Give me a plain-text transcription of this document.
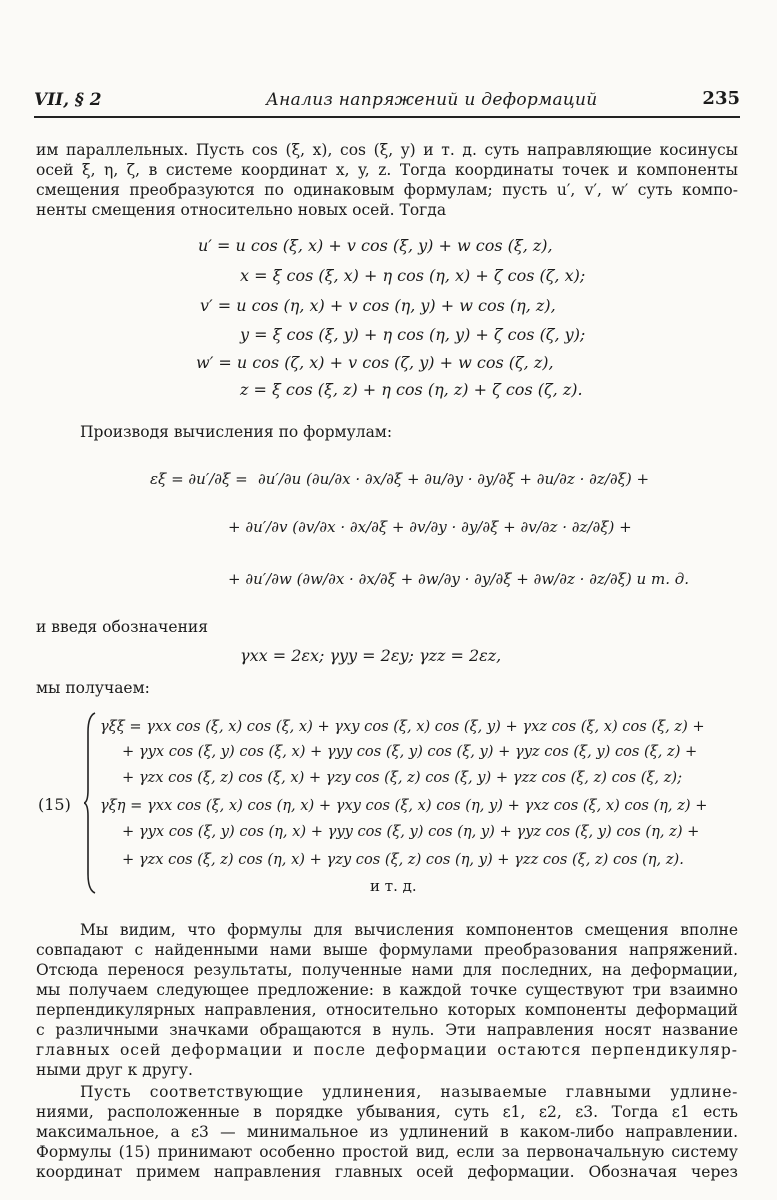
VII, § 2	Анализ напряжений и деформаций	235
им параллельных. Пусть cos (ξ, x), cos (ξ, y) и т. д. суть направляющие косинусы
осей ξ, η, ζ, в системе координат x, y, z. Тогда координаты точек и компоненты
смещения преобразуются по одинаковым формулам; пусть u′, v′, w′ суть компо-
ненты смещения относительно новых осей. Тогда
u′ = u cos (ξ, x) + v cos (ξ, y) + w cos (ξ, z),
x = ξ cos (ξ, x) + η cos (η, x) + ζ cos (ζ, x);
v′ = u cos (η, x) + v cos (η, y) + w cos (η, z),
y = ξ cos (ξ, y) + η cos (η, y) + ζ cos (ζ, y);
w′ = u cos (ζ, x) + v cos (ζ, y) + w cos (ζ, z),
z = ξ cos (ξ, z) + η cos (η, z) + ζ cos (ζ, z).
Производя вычисления по формулам:
εξ = ∂u′/∂ξ = ∂u′/∂u (∂u/∂x · ∂x/∂ξ + ∂u/∂y · ∂y/∂ξ + ∂u/∂z · ∂z/∂ξ) +
+ ∂u′/∂v (∂v/∂x · ∂x/∂ξ + ∂v/∂y · ∂y/∂ξ + ∂v/∂z · ∂z/∂ξ) +
+ ∂u′/∂w (∂w/∂x · ∂x/∂ξ + ∂w/∂y · ∂y/∂ξ + ∂w/∂z · ∂z/∂ξ) и т. д.
и введя обозначения
γxx = 2εx; γyy = 2εy; γzz = 2εz,
мы получаем:
(15)
γξξ = γxx cos (ξ, x) cos (ξ, x) + γxy cos (ξ, x) cos (ξ, y) + γxz cos (ξ, x) cos (ξ, z) +
+ γyx cos (ξ, y) cos (ξ, x) + γyy cos (ξ, y) cos (ξ, y) + γyz cos (ξ, y) cos (ξ, z) +
+ γzx cos (ξ, z) cos (ξ, x) + γzy cos (ξ, z) cos (ξ, y) + γzz cos (ξ, z) cos (ξ, z);
γξη = γxx cos (ξ, x) cos (η, x) + γxy cos (ξ, x) cos (η, y) + γxz cos (ξ, x) cos (η, z) +
+ γyx cos (ξ, y) cos (η, x) + γyy cos (ξ, y) cos (η, y) + γyz cos (ξ, y) cos (η, z) +
+ γzx cos (ξ, z) cos (η, x) + γzy cos (ξ, z) cos (η, y) + γzz cos (ξ, z) cos (η, z).
и т. д.
Мы видим, что формулы для вычисления компонентов смещения вполне
совпадают с найденными нами выше формулами преобразования напряжений.
Отсюда перенося результаты, полученные нами для последних, на деформации,
мы получаем следующее предложение: в каждой точке существуют три взаимно
перпендикулярных направления, относительно которых компоненты деформаций
с различными значками обращаются в нуль. Эти направления носят название
главных осей деформации и после деформации остаются перпендикуляр-
ными друг к другу.
Пусть соответствующие удлинения, называемые главными удлине-
ниями, расположенные в порядке убывания, суть ε1, ε2, ε3. Тогда ε1 есть
максимальное, а ε3 — минимальное из удлинений в каком-либо направлении.
Формулы (15) принимают особенно простой вид, если за первоначальную систему
координат примем направления главных осей деформации. Обозначая через
